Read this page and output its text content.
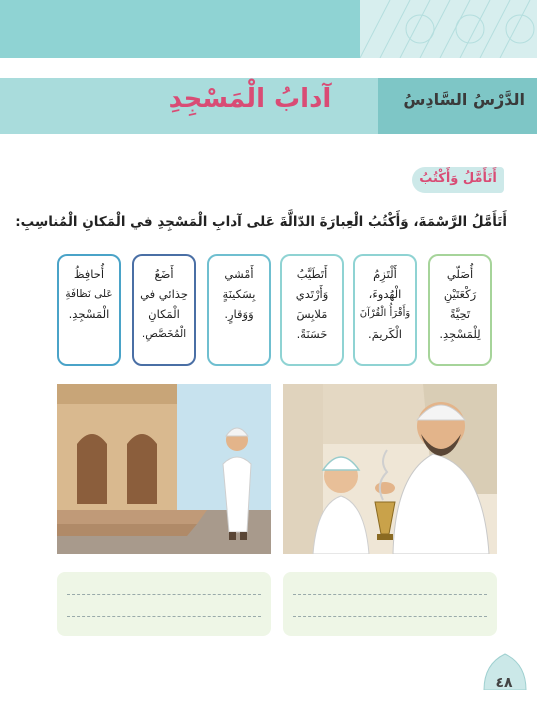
الدَّرْسُ السَّادِسُ
آدابُ الْمَسْجِدِ
أَتَأَمَّلُ وَأَكْتُبُ
أَتَأَمَّلُ الرَّسْمَةَ، وَأَكْتُبُ الْعِبارَةَ الدّالَّةَ عَلى آدابِ الْمَسْجِدِ في الْمَكانِ الْمُناسِبِ:
أُصَلّي
رَكْعَتَيْنِ
تَحِيَّةً
لِلْمَسْجِدِ.
أَلْتَزِمُ
الْهُدوءَ،
وَأَقْرَأُ الْقُرْآنَ
الْكَريمَ.
أَتَطَيَّبُ
وَأَرْتَدي
مَلابِسَ
حَسَنَةً.
أَمْشي
بِسَكينَةٍ
وَوَقارٍ.
أَضَعُ
حِذائي في
الْمَكانِ
الْمُخَصَّصِ.
أُحافِظُ
عَلى نَظافَةِ
الْمَسْجِدِ.
٤٨
